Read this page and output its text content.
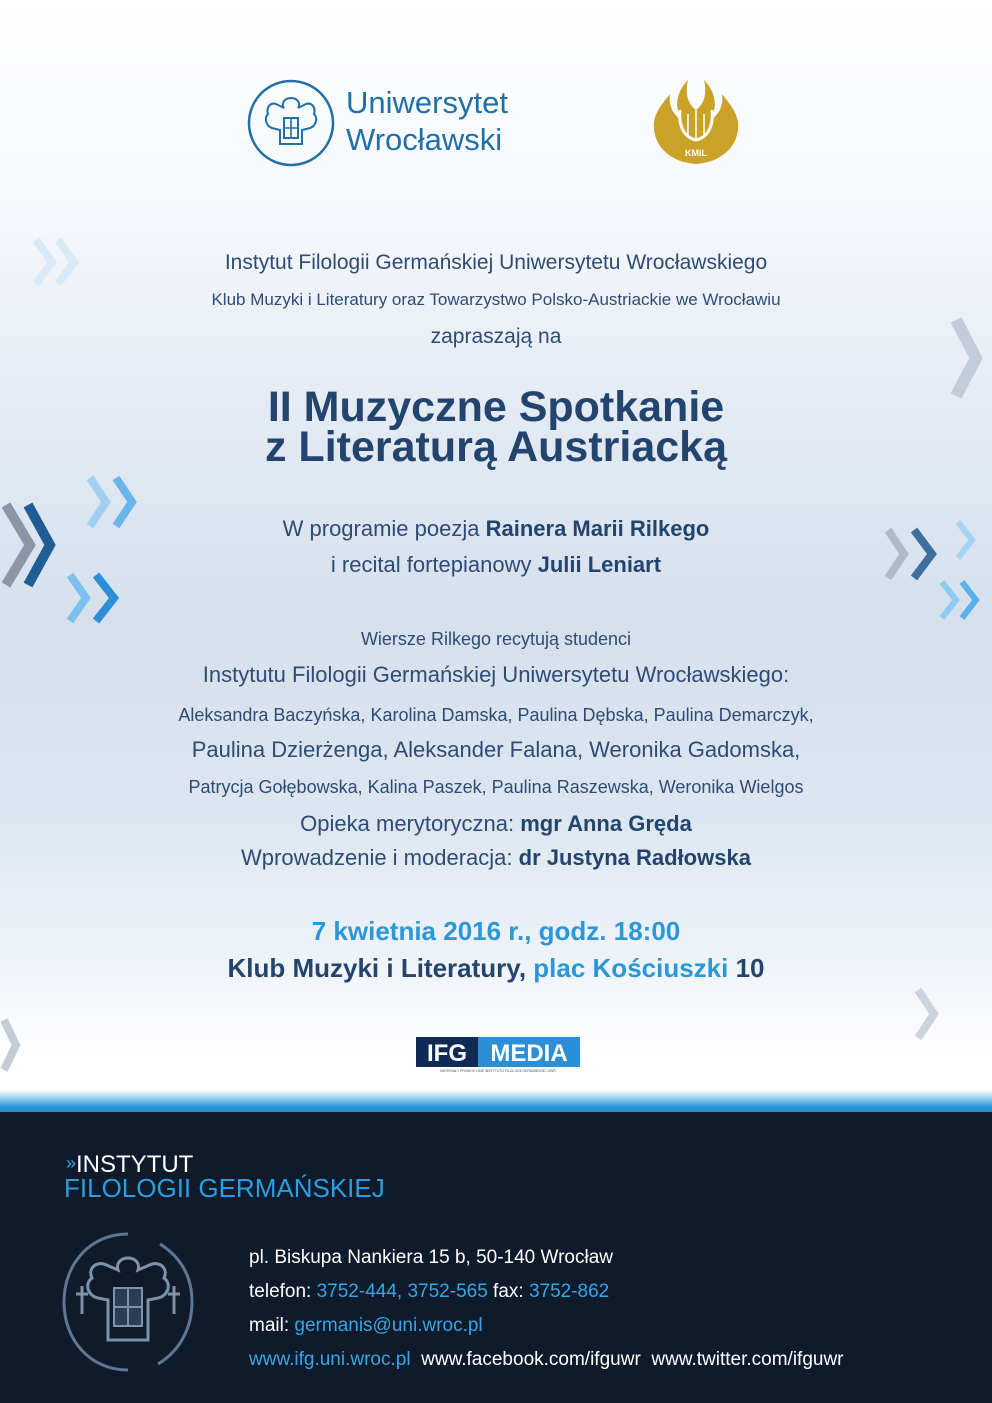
Uniwersytet
Wrocławski	KMiL
Instytut Filologii Germańskiej Uniwersytetu Wrocławskiego
Klub Muzyki i Literatury oraz Towarzystwo Polsko-Austriackie we Wrocławiu
zapraszają na
II Muzyczne Spotkanie
z Literaturą Austriacką
W programie poezja Rainera Marii Rilkego
i recital fortepianowy Julii Leniart
Wiersze Rilkego recytują studenci
Instytutu Filologii Germańskiej Uniwersytetu Wrocławskiego:
Aleksandra Baczyńska, Karolina Damska, Paulina Dębska, Paulina Demarczyk,
Paulina Dzierżenga, Aleksander Falana, Weronika Gadomska,
Patrycja Gołębowska, Kalina Paszek, Paulina Raszewska, Weronika Wielgos
Opieka merytoryczna: mgr Anna Gręda
Wprowadzenie i moderacja: dr Justyna Radłowska
7 kwietnia 2016 r., godz. 18:00
Klub Muzyki i Literatury, plac Kościuszki 10
IFG MEDIA
MATERIAŁY PROMOCYJNE INSTYTUTU FILOLOGII GERMAŃSKIEJ UWR
»INSTYTUT
FILOLOGII GERMAŃSKIEJ
pl. Biskupa Nankiera 15 b, 50-140 Wrocław
telefon: 3752-444, 3752-565 fax: 3752-862
mail: germanis@uni.wroc.pl
www.ifg.uni.wroc.pl www.facebook.com/ifguwr www.twitter.com/ifguwr
